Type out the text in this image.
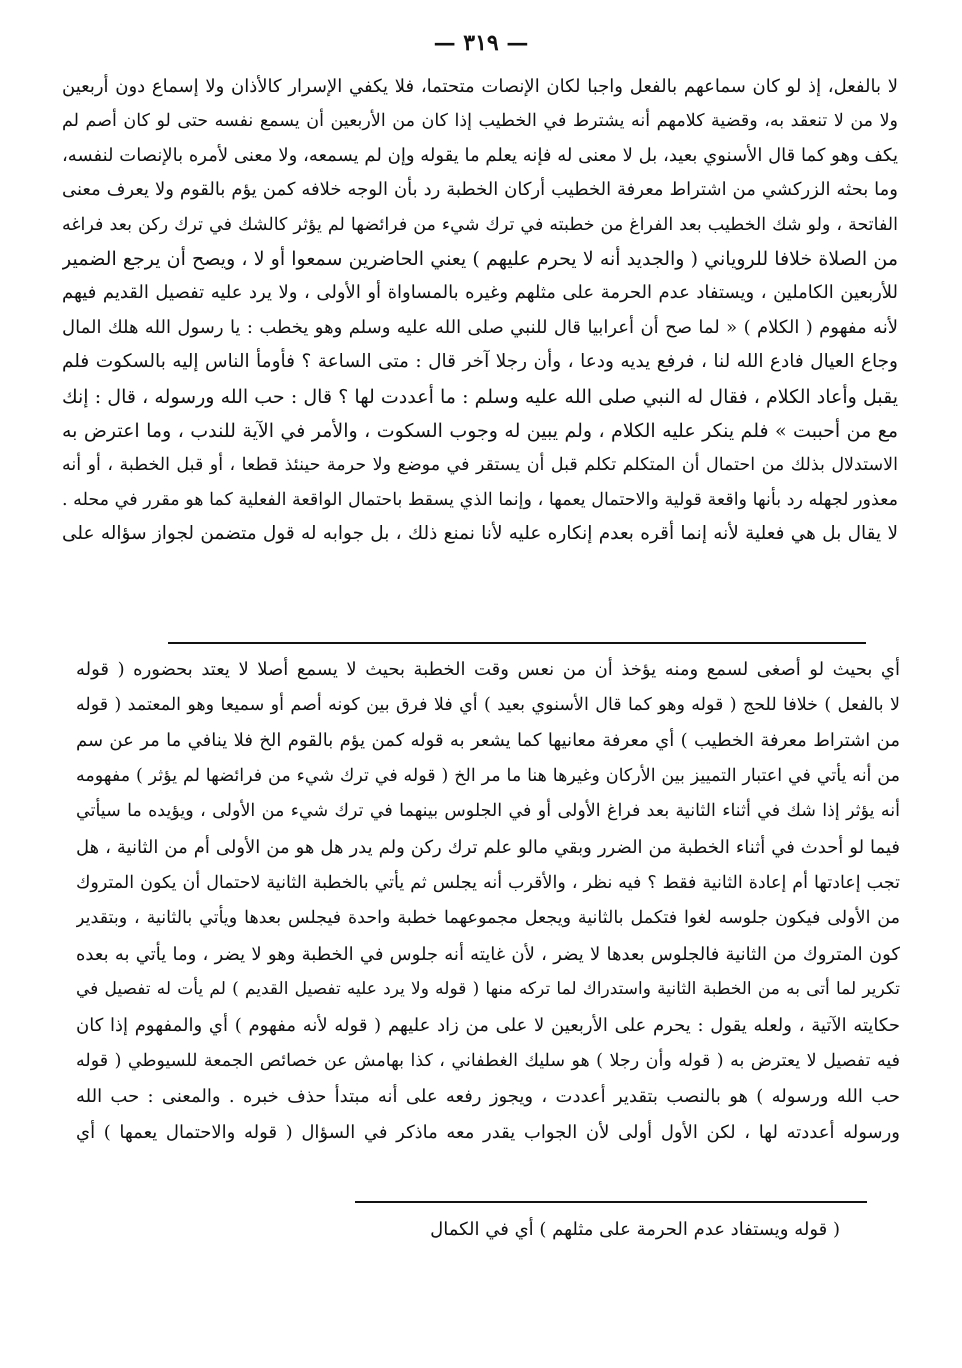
— ٣١٩ —
لا بالفعل، إذ لو كان سماعهم بالفعل واجبا لكان الإنصات متحتما، فلا يكفي الإسرار كالأذان ولا إسماع دون أربعين
ولا من لا تنعقد به، وقضية كلامهم أنه يشترط في الخطيب إذا كان من الأربعين أن يسمع نفسه حتى لو كان أصم لم
يكف وهو كما قال الأسنوي بعيد، بل لا معنى له فإنه يعلم ما يقوله وإن لم يسمعه، ولا معنى لأمره بالإنصات لنفسه،
وما بحثه الزركشي من اشتراط معرفة الخطيب أركان الخطبة رد بأن الوجه خلافه كمن يؤم بالقوم ولا يعرف معنى
الفاتحة ، ولو شك الخطيب بعد الفراغ من خطبته في ترك شيء من فرائضها لم يؤثر كالشك في ترك ركن بعد فراغه
من الصلاة خلافا للروياني ( والجديد أنه لا يحرم عليهم ) يعني الحاضرين سمعوا أو لا ، ويصح أن يرجع الضمير
للأربعين الكاملين ، ويستفاد عدم الحرمة على مثلهم وغيره بالمساواة أو الأولى ، ولا يرد عليه تفصيل القديم فيهم
لأنه مفهوم ( الكلام ) « لما صح أن أعرابيا قال للنبي صلى الله عليه وسلم وهو يخطب : يا رسول الله هلك المال
وجاع العيال فادع الله لنا ، فرفع يديه ودعا ، وأن رجلا آخر قال : متى الساعة ؟ فأومأ الناس إليه بالسكوت فلم
يقبل وأعاد الكلام ، فقال له النبي صلى الله عليه وسلم : ما أعددت لها ؟ قال : حب الله ورسوله ، قال : إنك
مع من أحببت » فلم ينكر عليه الكلام ، ولم يبين له وجوب السكوت ، والأمر في الآية للندب ، وما اعترض به
الاستدلال بذلك من احتمال أن المتكلم تكلم قبل أن يستقر في موضع ولا حرمة حينئذ قطعا ، أو قبل الخطبة ، أو أنه
معذور لجهله رد بأنها واقعة قولية والاحتمال يعمها ، وإنما الذي يسقط باحتمال الواقعة الفعلية كما هو مقرر في محله .
لا يقال بل هي فعلية لأنه إنما أقره بعدم إنكاره عليه لأنا نمنع ذلك ، بل جوابه له قول متضمن لجواز سؤاله على
أي بحيث لو أصغى لسمع ومنه يؤخذ أن من نعس وقت الخطبة بحيث لا يسمع أصلا لا يعتد بحضوره ( قوله
لا بالفعل ) خلافا للحج ( قوله وهو كما قال الأسنوي بعيد ) أي فلا فرق بين كونه أصم أو سميعا وهو المعتمد ( قوله
من اشتراط معرفة الخطيب ) أي معرفة معانيها كما يشعر به قوله كمن يؤم بالقوم الخ فلا ينافي ما مر عن سم
من أنه يأتي في اعتبار التمييز بين الأركان وغيرها هنا ما مر الخ ( قوله في ترك شيء من فرائضها لم يؤثر ) مفهومه
أنه يؤثر إذا شك في أثناء الثانية بعد فراغ الأولى أو في الجلوس بينهما في ترك شيء من الأولى ، ويؤيده ما سيأتي
فيما لو أحدث في أثناء الخطبة من الضرر وبقي مالو علم ترك ركن ولم يدر هل هو من الأولى أم من الثانية ، هل
تجب إعادتها أم إعادة الثانية فقط ؟ فيه نظر ، والأقرب أنه يجلس ثم يأتي بالخطبة الثانية لاحتمال أن يكون المتروك
من الأولى فيكون جلوسه لغوا فتكمل بالثانية ويجعل مجموعهما خطبة واحدة فيجلس بعدها ويأتي بالثانية ، وبتقدير
كون المتروك من الثانية فالجلوس بعدها لا يضر ، لأن غايته أنه جلوس في الخطبة وهو لا يضر ، وما يأتي به بعده
تكرير لما أتى به من الخطبة الثانية واستدراك لما تركه منها ( قوله ولا يرد عليه تفصيل القديم ) لم يأت له تفصيل في
حكايته الآتية ، ولعله يقول : يحرم على الأربعين لا على من زاد عليهم ( قوله لأنه مفهوم ) أي والمفهوم إذا كان
فيه تفصيل لا يعترض به ( قوله وأن رجلا ) هو سليك الغطفاني ، كذا بهامش عن خصائص الجمعة للسيوطي ( قوله
حب الله ورسوله ) هو بالنصب بتقدير أعددت ، ويجوز رفعه على أنه مبتدأ حذف خبره . والمعنى : حب الله
ورسوله أعددته لها ، لكن الأول أولى لأن الجواب يقدر معه ماذكر في السؤال ( قوله والاحتمال يعمها ) أي
( قوله ويستفاد عدم الحرمة على مثلهم ) أي في الكمال
